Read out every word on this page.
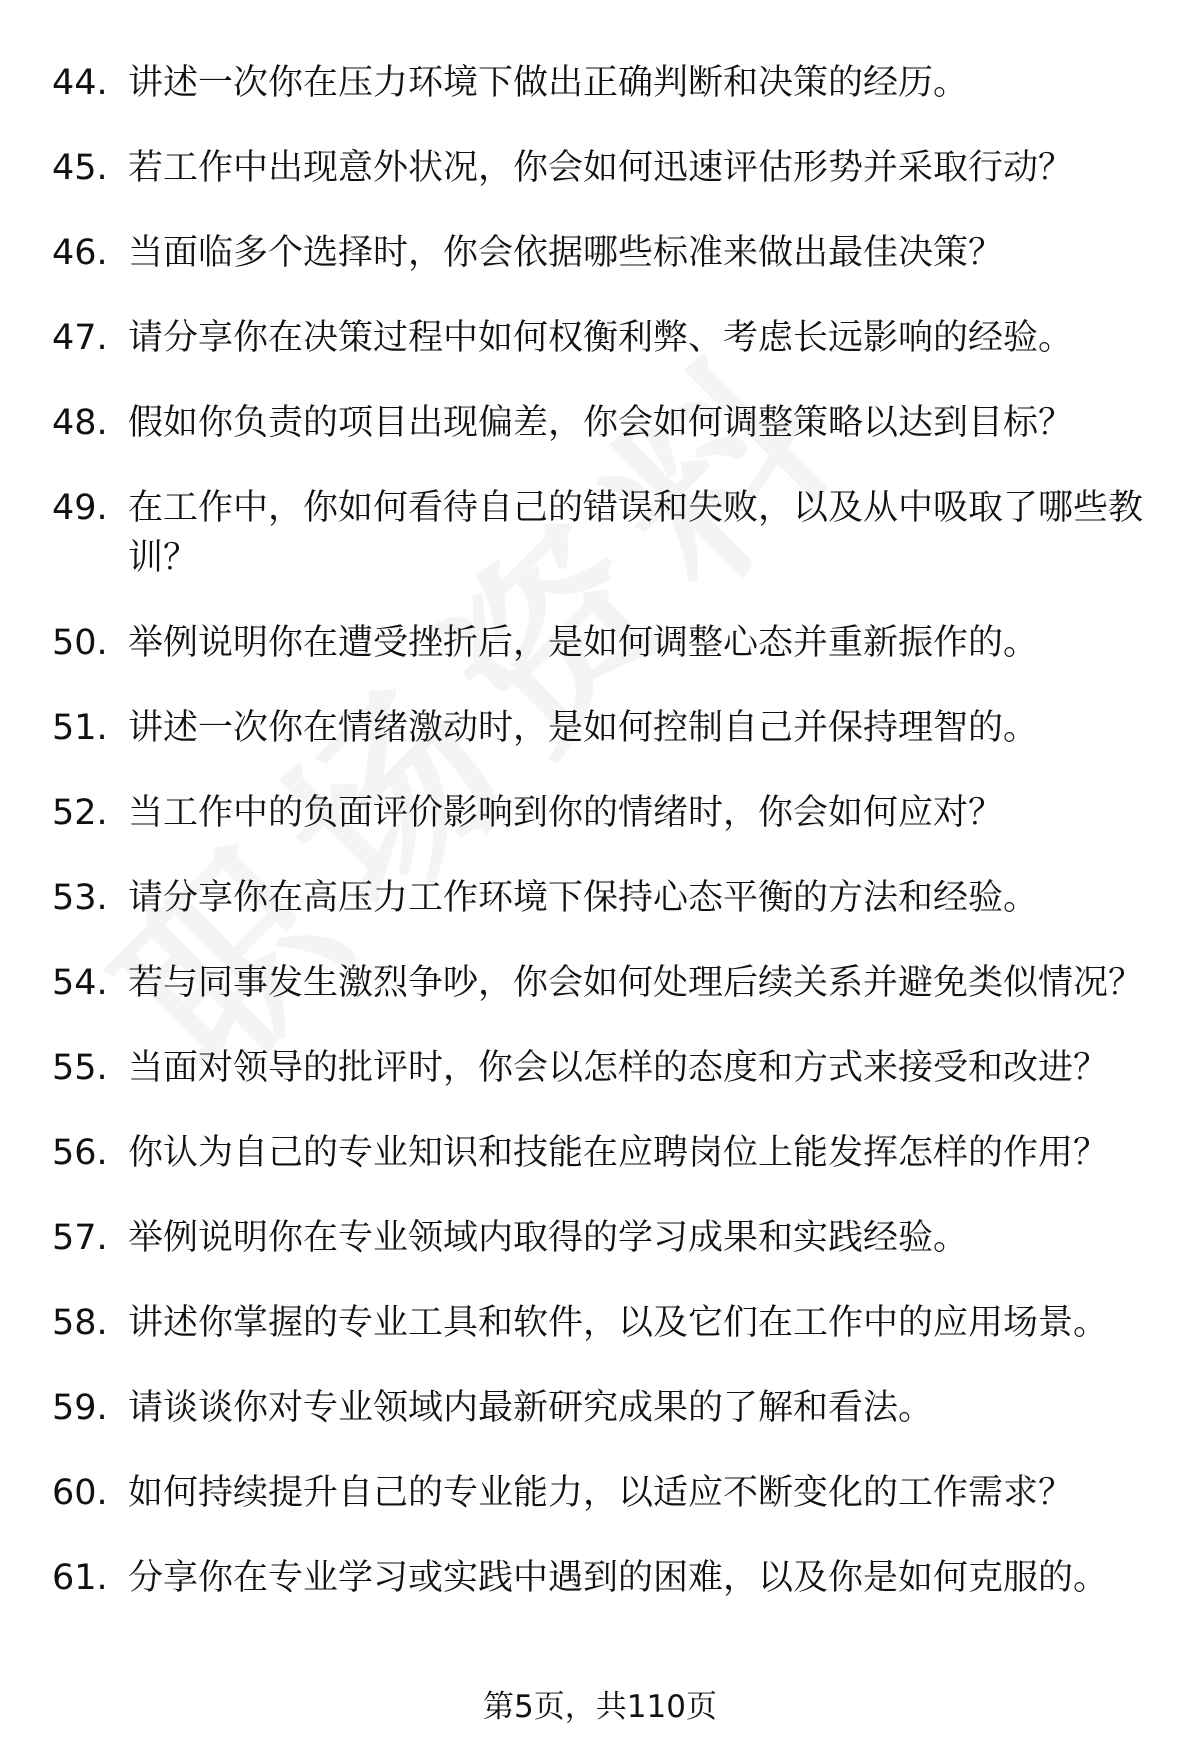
44. 讲述一次你在压力环境下做出正确判断和决策的经历。
45. 若工作中出现意外状况，你会如何迅速评估形势并采取行动？
46. 当面临多个选择时，你会依据哪些标准来做出最佳决策？
47. 请分享你在决策过程中如何权衡利弊、考虑长远影响的经验。
48. 假如你负责的项目出现偏差，你会如何调整策略以达到目标？
49. 在工作中，你如何看待自己的错误和失败，以及从中吸取了哪些教训？
50. 举例说明你在遭受挫折后，是如何调整心态并重新振作的。
51. 讲述一次你在情绪激动时，是如何控制自己并保持理智的。
52. 当工作中的负面评价影响到你的情绪时，你会如何应对？
53. 请分享你在高压力工作环境下保持心态平衡的方法和经验。
54. 若与同事发生激烈争吵，你会如何处理后续关系并避免类似情况？
55. 当面对领导的批评时，你会以怎样的态度和方式来接受和改进？
56. 你认为自己的专业知识和技能在应聘岗位上能发挥怎样的作用？
57. 举例说明你在专业领域内取得的学习成果和实践经验。
58. 讲述你掌握的专业工具和软件，以及它们在工作中的应用场景。
59. 请谈谈你对专业领域内最新研究成果的了解和看法。
60. 如何持续提升自己的专业能力，以适应不断变化的工作需求？
61. 分享你在专业学习或实践中遇到的困难，以及你是如何克服的。
第5页，共110页
